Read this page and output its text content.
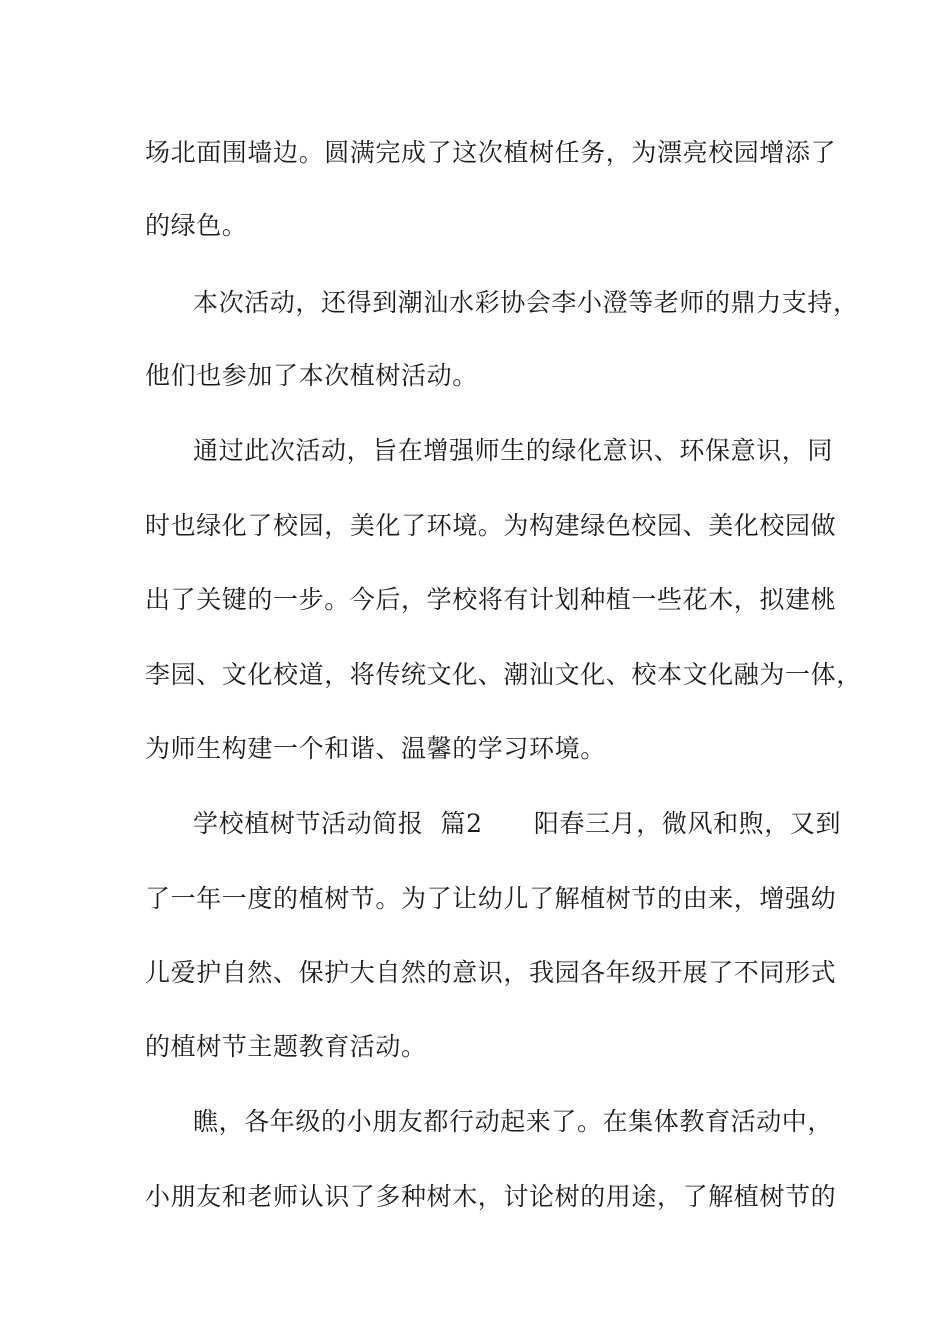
场北面围墙边。圆满完成了这次植树任务，为漂亮校园增添了
的绿色。
本次活动，还得到潮汕水彩协会李小澄等老师的鼎力支持，
他们也参加了本次植树活动。
通过此次活动，旨在增强师生的绿化意识、环保意识，同
时也绿化了校园，美化了环境。为构建绿色校园、美化校园做
出了关键的一步。今后，学校将有计划种植一些花木，拟建桃
李园、文化校道，将传统文化、潮汕文化、校本文化融为一体，
为师生构建一个和谐、温馨的学习环境。
学校植树节活动简报  篇2      阳春三月，微风和煦，又到
了一年一度的植树节。为了让幼儿了解植树节的由来，增强幼
儿爱护自然、保护大自然的意识，我园各年级开展了不同形式
的植树节主题教育活动。
瞧，各年级的小朋友都行动起来了。在集体教育活动中，
小朋友和老师认识了多种树木，讨论树的用途，了解植树节的
